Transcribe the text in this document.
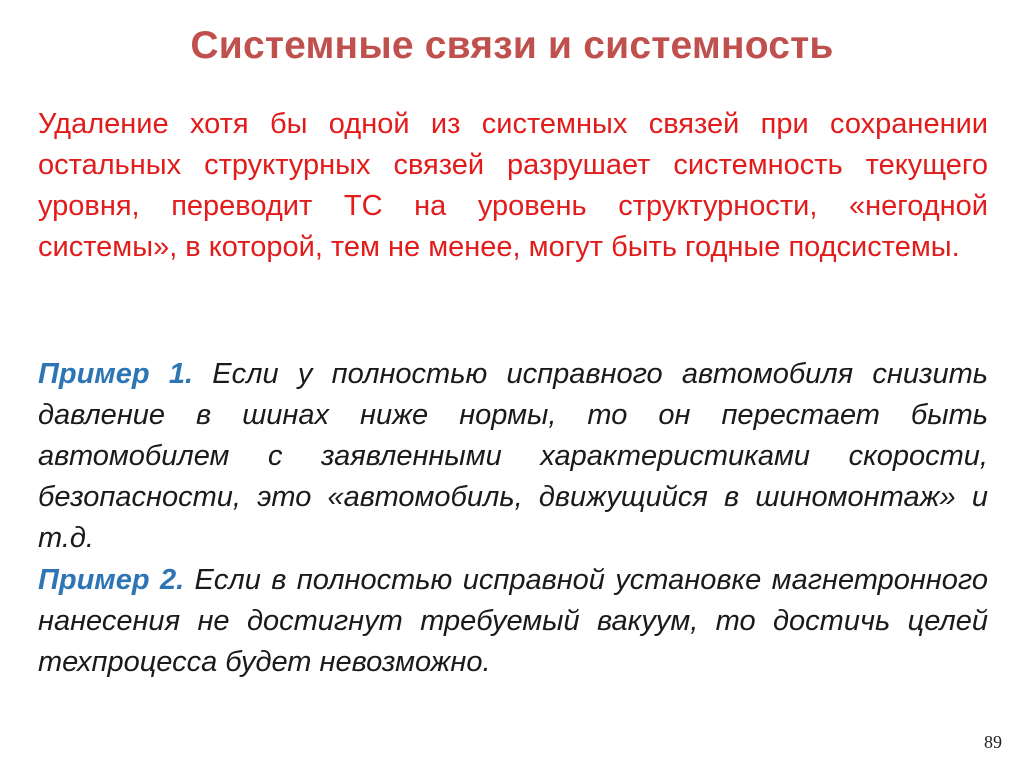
Системные связи и системность
Удаление хотя бы одной из системных связей при сохранении остальных структурных связей разрушает системность текущего уровня, переводит ТС на уровень структурности, «негодной системы», в которой, тем не менее, могут быть годные подсистемы.
Пример 1. Если у полностью исправного автомобиля снизить давление в шинах ниже нормы, то он перестает быть автомобилем с заявленными характеристиками скорости, безопасности, это «автомобиль, движущийся в шиномонтаж» и т.д.
Пример 2. Если в полностью исправной установке магнетронного нанесения не достигнут требуемый вакуум, то достичь целей техпроцесса будет невозможно.
89
